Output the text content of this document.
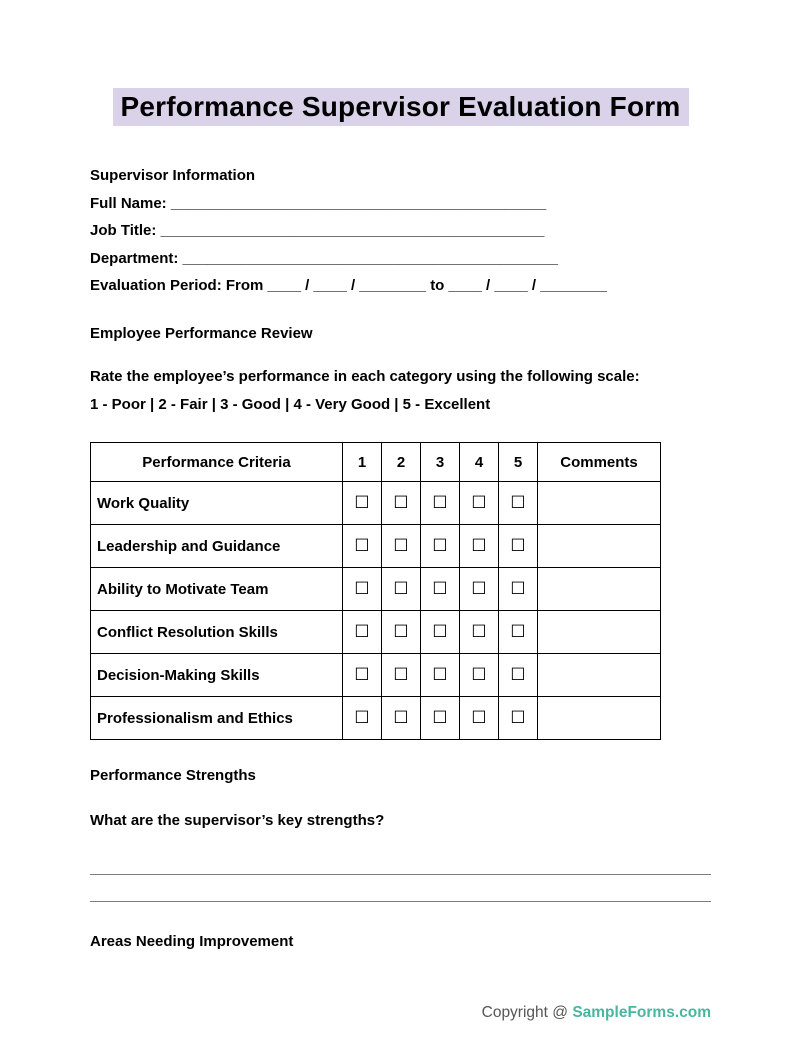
Performance Supervisor Evaluation Form
Supervisor Information
Full Name: _____________________________________________
Job Title: ______________________________________________
Department: _____________________________________________
Evaluation Period: From ____ / ____ / ________ to ____ / ____ / ________
Employee Performance Review
Rate the employee’s performance in each category using the following scale:
1 - Poor | 2 - Fair | 3 - Good | 4 - Very Good | 5 - Excellent
Performance Criteria	1	2	3	4	5	Comments
Work Quality	☐	☐	☐	☐	☐	
Leadership and Guidance	☐	☐	☐	☐	☐	
Ability to Motivate Team	☐	☐	☐	☐	☐	
Conflict Resolution Skills	☐	☐	☐	☐	☐	
Decision-Making Skills	☐	☐	☐	☐	☐	
Professionalism and Ethics	☐	☐	☐	☐	☐	
Performance Strengths
What are the supervisor’s key strengths?
Areas Needing Improvement
Copyright @ SampleForms.com
